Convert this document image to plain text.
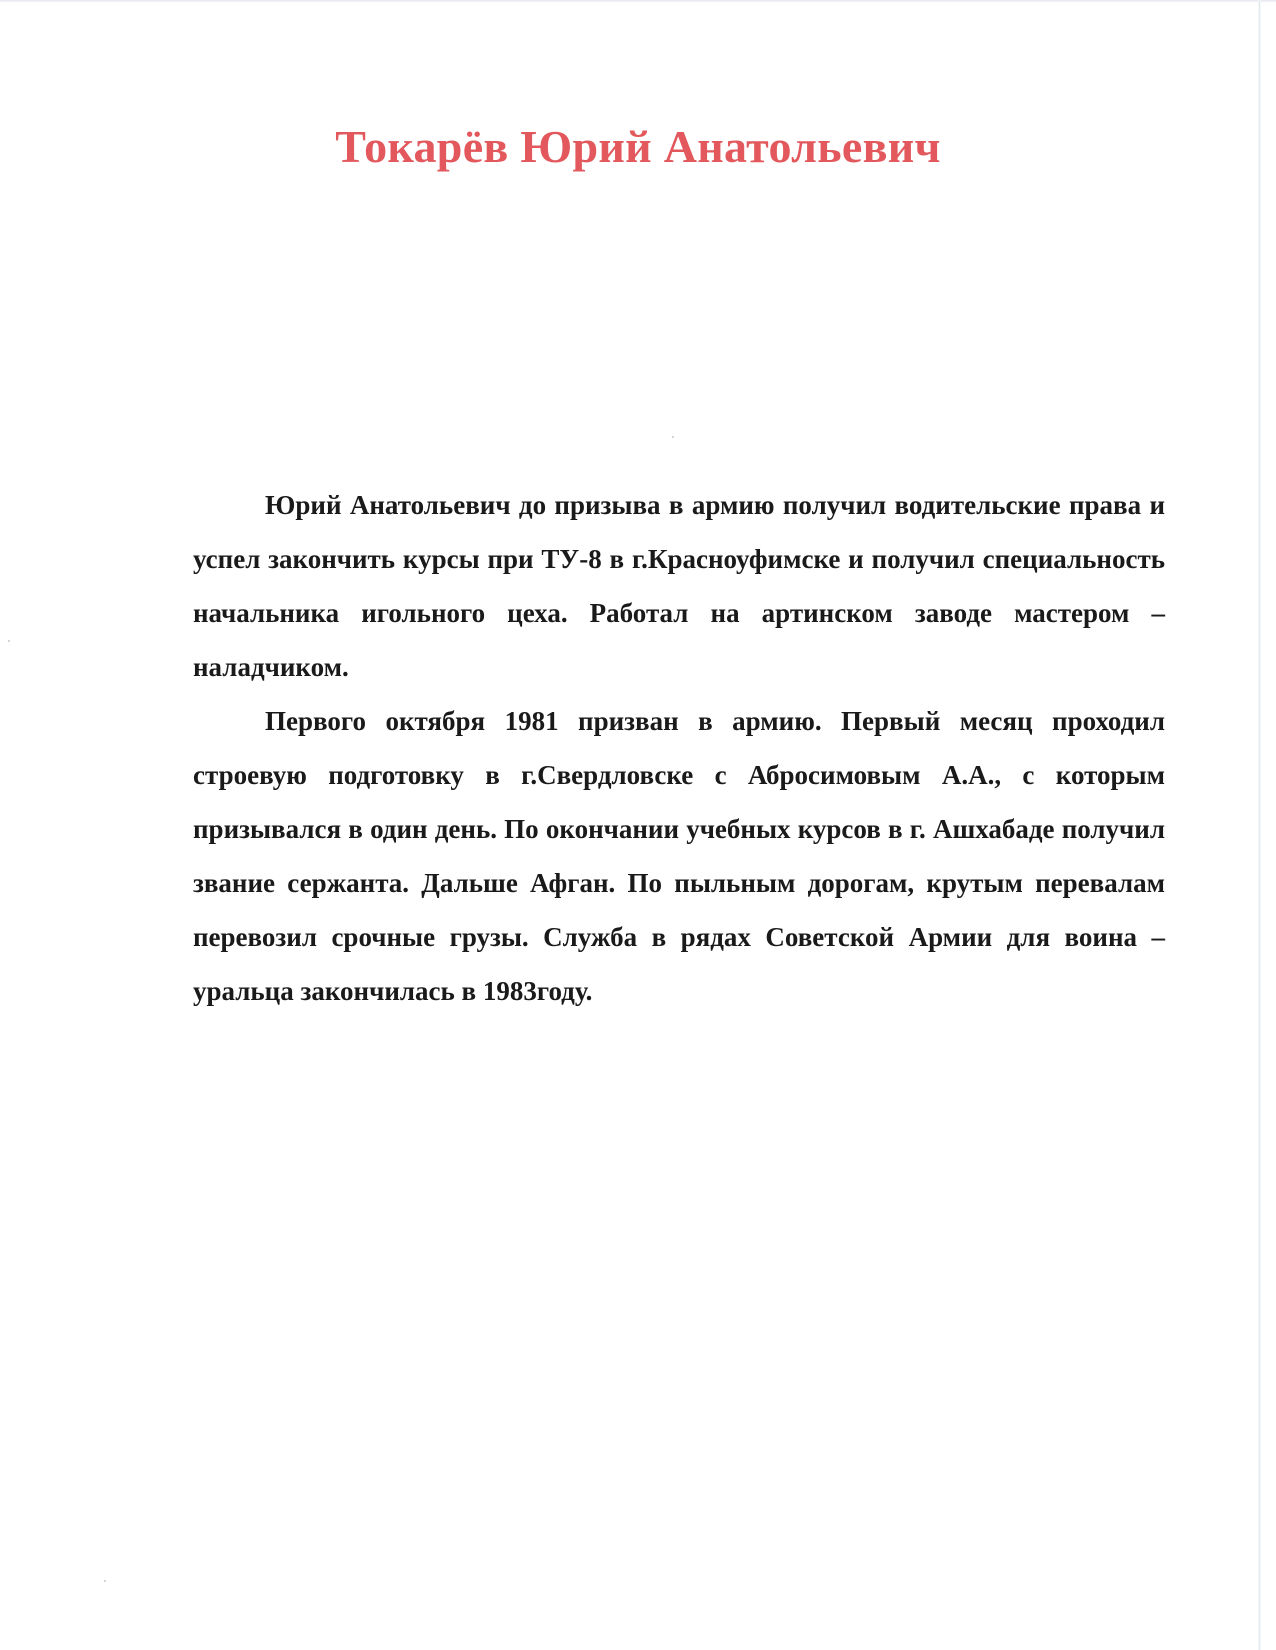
Токарёв Юрий Анатольевич

Юрий Анатольевич до призыва в армию получил водительские права и успел закончить курсы при ТУ-8 в г.Красноуфимске и получил специальность начальника игольного цеха. Работал на артинском заводе мастером –наладчиком.

Первого октября 1981 призван в армию. Первый месяц проходил строевую подготовку в г.Свердловске с Абросимовым А.А., с которым призывался в один день. По окончании учебных курсов в г. Ашхабаде получил звание сержанта. Дальше Афган. По пыльным дорогам, крутым перевалам перевозил срочные грузы. Служба в рядах Советской Армии для воина –уральца закончилась в 1983году.
